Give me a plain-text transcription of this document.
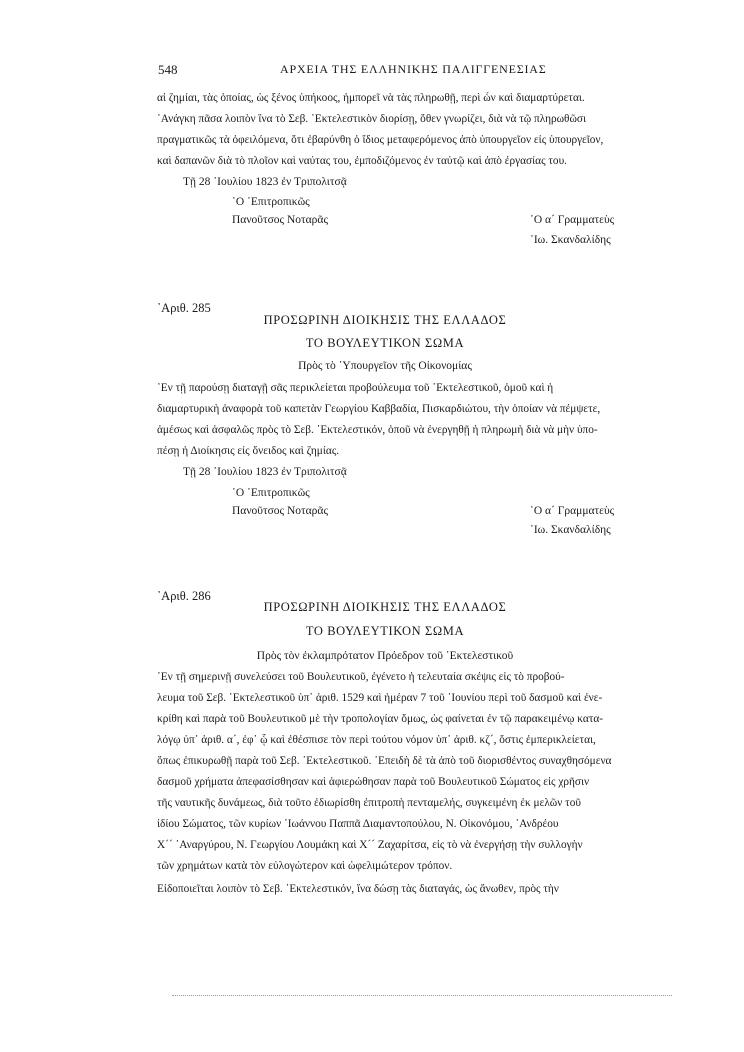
548	ΑΡΧΕΙΑ ΤΗΣ ΕΛΛΗΝΙΚΗΣ ΠΑΛΙΓΓΕΝΕΣΙΑΣ
αἱ ζημίαι, τὰς ὁποίας, ὡς ξένος ὑπήκοος, ἠμπορεῖ νὰ τὰς πληρωθῇ, περὶ ὧν καὶ διαμαρτύρεται.
᾿Ανάγκη πᾶσα λοιπὸν ἵνα τὸ Σεβ. ᾿Εκτελεστικὸν διορίσῃ, ὅθεν γνωρίζει, διὰ νὰ τῷ πληρωθῶσι
πραγματικῶς τὰ ὀφειλόμενα, ὅτι ἐβαρύνθη ὁ ἴδιος μεταφερόμενος ἀπὸ ὑπουργεῖον εἰς ὑπουργεῖον,
καὶ δαπανῶν διὰ τὸ πλοῖον καὶ ναύτας του, ἐμποδιζόμενος ἐν ταὐτῷ καὶ ἀπὸ ἐργασίας του.
Τῇ 28 ᾿Ιουλίου 1823 ἐν Τριπολιτσᾷ
῾Ο ᾿Επιτροπικῶς
Πανοῦτσος Νοταρᾶς	῾Ο α´ Γραμματεὺς
᾿Ιω. Σκανδαλίδης
᾿Αριθ. 285
ΠΡΟΣΩΡΙΝΗ ΔΙΟΙΚΗΣΙΣ ΤΗΣ ΕΛΛΑΔΟΣ
ΤΟ ΒΟΥΛΕΥΤΙΚΟΝ ΣΩΜΑ
Πρὸς τὸ ῾Υπουργεῖον τῆς Οἰκονομίας
᾿Εν τῇ παρούσῃ διαταγῇ σᾶς περικλείεται προβούλευμα τοῦ ᾿Εκτελεστικοῦ, ὁμοῦ καὶ ἡ
διαμαρτυρικὴ ἀναφορὰ τοῦ καπετὰν Γεωργίου Καββαδία, Πισκαρδιώτου, τὴν ὁποίαν νὰ πέμψετε,
ἀμέσως καὶ ἀσφαλῶς πρὸς τὸ Σεβ. ᾿Εκτελεστικόν, ὁποῦ νὰ ἐνεργηθῇ ἡ πληρωμὴ διὰ νὰ μὴν ὑπο-
πέσῃ ἡ Διοίκησις εἰς ὄνειδος καὶ ζημίας.
Τῇ 28 ᾿Ιουλίου 1823 ἐν Τριπολιτσᾷ
῾Ο ᾿Επιτροπικῶς
Πανοῦτσος Νοταρᾶς	῾Ο α´ Γραμματεὺς
᾿Ιω. Σκανδαλίδης
᾿Αριθ. 286
ΠΡΟΣΩΡΙΝΗ ΔΙΟΙΚΗΣΙΣ ΤΗΣ ΕΛΛΑΔΟΣ
ΤΟ ΒΟΥΛΕΥΤΙΚΟΝ ΣΩΜΑ
Πρὸς τὸν ἐκλαμπρότατον Πρόεδρον τοῦ ᾿Εκτελεστικοῦ
᾿Εν τῇ σημερινῇ συνελεύσει τοῦ Βουλευτικοῦ, ἐγένετο ἡ τελευταία σκέψις εἰς τὸ προβού-
λευμα τοῦ Σεβ. ᾿Εκτελεστικοῦ ὑπ᾿ ἀριθ. 1529 καὶ ἡμέραν 7 τοῦ ᾿Ιουνίου περὶ τοῦ δασμοῦ καὶ ἐνε-
κρίθη καὶ παρὰ τοῦ Βουλευτικοῦ μὲ τὴν τροπολογίαν ὅμως, ὡς φαίνεται ἐν τῷ παρακειμένῳ κατα-
λόγῳ ὑπ᾿ ἀριθ. α´, ἐφ᾿ ᾧ καὶ ἐθέσπισε τὸν περὶ τούτου νόμον ὑπ᾿ ἀριθ. κζ´, ὅστις ἐμπερικλείεται,
ὅπως ἐπικυρωθῇ παρὰ τοῦ Σεβ. ᾿Εκτελεστικοῦ. ᾿Επειδὴ δὲ τὰ ἀπὸ τοῦ διορισθέντος συναχθησόμενα
δασμοῦ χρήματα ἀπεφασίσθησαν καὶ ἀφιερώθησαν παρὰ τοῦ Βουλευτικοῦ Σώματος εἰς χρῆσιν
τῆς ναυτικῆς δυνάμεως, διὰ τοῦτο ἐδιωρίσθη ἐπιτροπὴ πενταμελής, συγκειμένη ἐκ μελῶν τοῦ
ἰδίου Σώματος, τῶν κυρίων ᾿Ιωάννου Παππᾶ Διαμαντοπούλου, Ν. Οἰκονόμου, ᾿Ανδρέου
Χ´´ ᾿Αναργύρου, Ν. Γεωργίου Λουμάκη καὶ Χ´´ Ζαχαρίτσα, εἰς τὸ νὰ ἐνεργήσῃ τὴν συλλογὴν
τῶν χρημάτων κατὰ τὸν εὐλογώτερον καὶ ὠφελιμώτερον τρόπον.
Εἰδοποιεῖται λοιπὸν τὸ Σεβ. ᾿Εκτελεστικόν, ἵνα δώσῃ τὰς διαταγάς, ὡς ἄνωθεν, πρὸς τὴν
